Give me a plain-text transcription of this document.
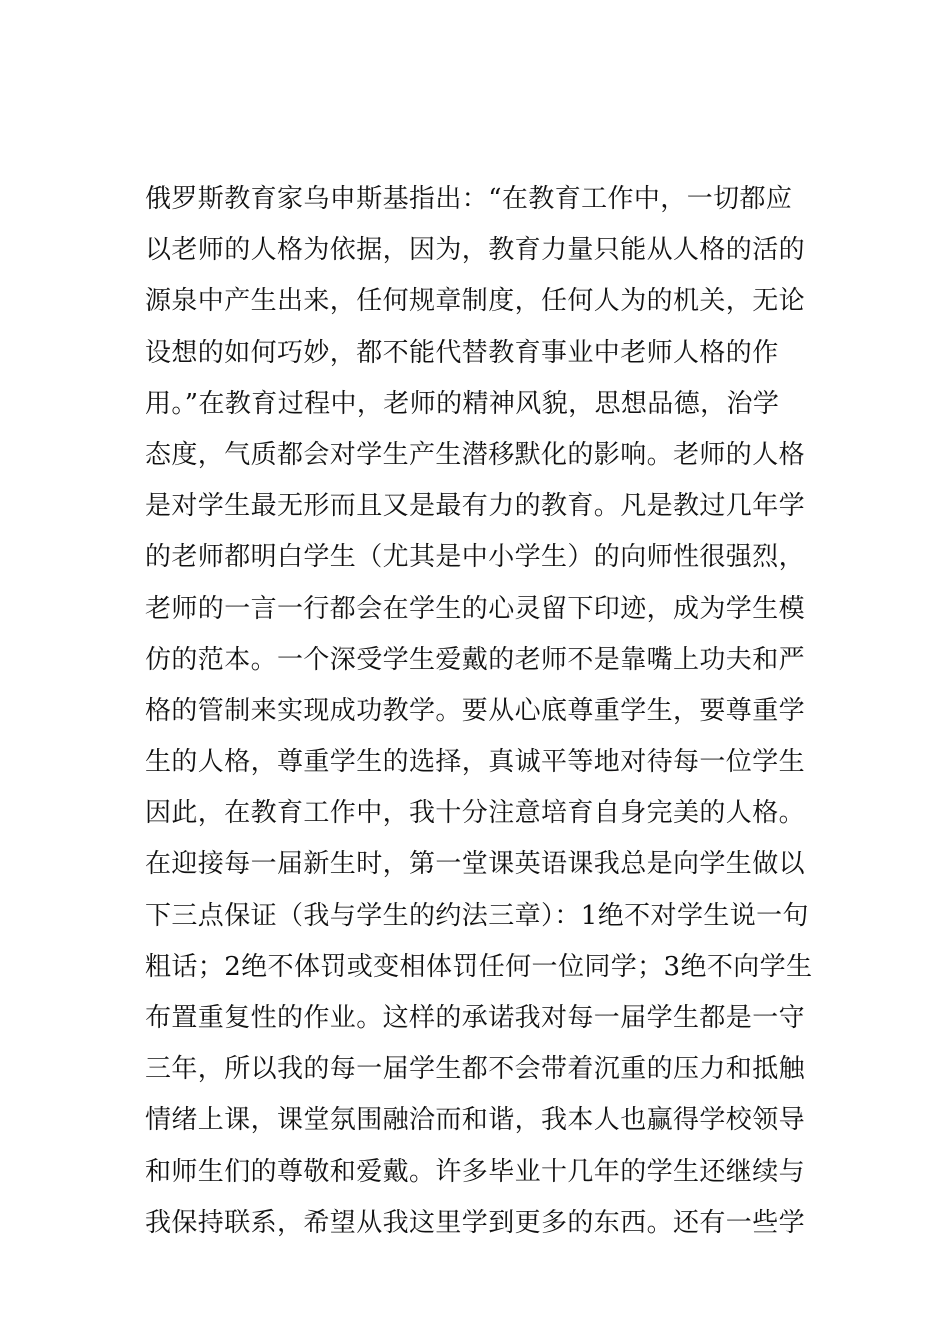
俄罗斯教育家乌申斯基指出：“在教育工作中，一切都应
以老师的人格为依据，因为，教育力量只能从人格的活的
源泉中产生出来，任何规章制度，任何人为的机关，无论
设想的如何巧妙，都不能代替教育事业中老师人格的作
用。”在教育过程中，老师的精神风貌，思想品德，治学
态度，气质都会对学生产生潜移默化的影响。老师的人格
是对学生最无形而且又是最有力的教育。凡是教过几年学
的老师都明白学生（尤其是中小学生）的向师性很强烈，
老师的一言一行都会在学生的心灵留下印迹，成为学生模
仿的范本。一个深受学生爱戴的老师不是靠嘴上功夫和严
格的管制来实现成功教学。要从心底尊重学生，要尊重学
生的人格，尊重学生的选择，真诚平等地对待每一位学生
因此，在教育工作中，我十分注意培育自身完美的人格。
在迎接每一届新生时，第一堂课英语课我总是向学生做以
下三点保证（我与学生的约法三章）：1绝不对学生说一句
粗话；2绝不体罚或变相体罚任何一位同学；3绝不向学生
布置重复性的作业。这样的承诺我对每一届学生都是一守
三年，所以我的每一届学生都不会带着沉重的压力和抵触
情绪上课，课堂氛围融洽而和谐，我本人也赢得学校领导
和师生们的尊敬和爱戴。许多毕业十几年的学生还继续与
我保持联系，希望从我这里学到更多的东西。还有一些学
